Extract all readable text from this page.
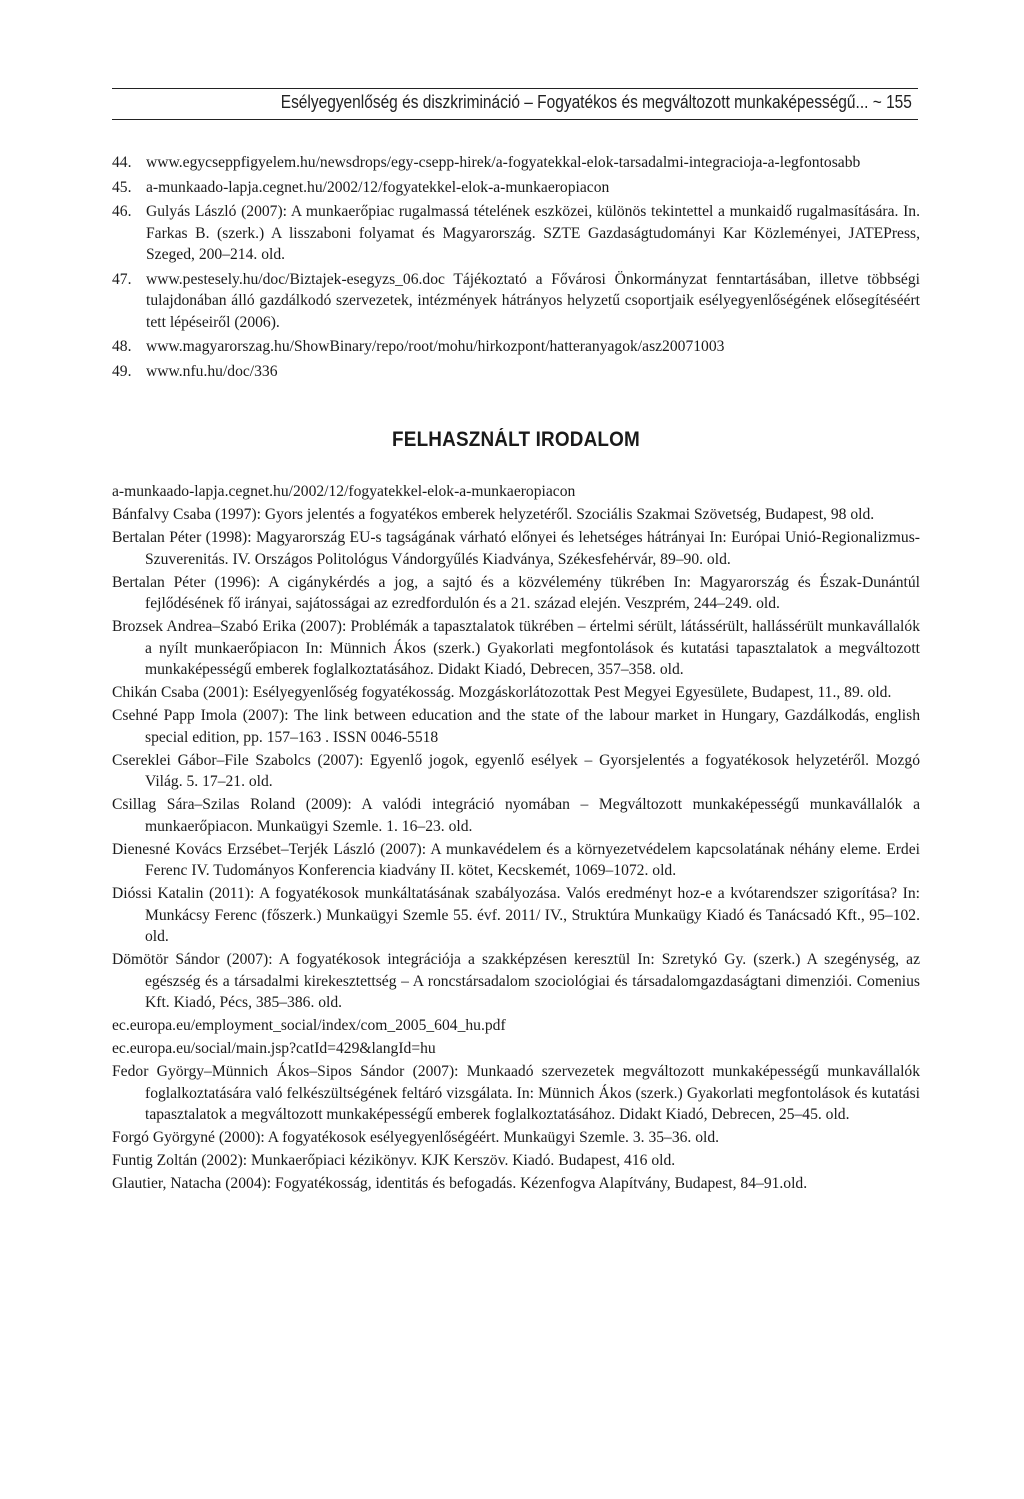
Esélyegyenlőség és diszkrimináció – Fogyatékos és megváltozott munkaképességű... ~ 155
44. www.egycseppfigyelem.hu/newsdrops/egy-csepp-hirek/a-fogyatekkal-elok-tarsadalmi-integracioja-a-legfontosabb
45. a-munkaado-lapja.cegnet.hu/2002/12/fogyatekkel-elok-a-munkaeropiacon
46. Gulyás László (2007): A munkaerőpiac rugalmassá tételének eszközei, különös tekintettel a munkaidő rugalmasítására. In. Farkas B. (szerk.) A lisszaboni folyamat és Magyarország. SZTE Gazdaságtudományi Kar Közleményei, JATEPress, Szeged, 200–214. old.
47. www.pestesely.hu/doc/Biztajek-esegyzs_06.doc Tájékoztató a Fővárosi Önkormányzat fenntartásában, illetve többségi tulajdonában álló gazdálkodó szervezetek, intézmények hátrányos helyzetű csoportjaik esélyegyenlőségének elősegítéséért tett lépéseiről (2006).
48. www.magyarorszag.hu/ShowBinary/repo/root/mohu/hirkozpont/hatteranyagok/asz20071003
49. www.nfu.hu/doc/336
FELHASZNÁLT IRODALOM
a-munkaado-lapja.cegnet.hu/2002/12/fogyatekkel-elok-a-munkaeropiacon
Bánfalvy Csaba (1997): Gyors jelentés a fogyatékos emberek helyzetéről. Szociális Szakmai Szövetség, Budapest, 98 old.
Bertalan Péter (1998): Magyarország EU-s tagságának várható előnyei és lehetséges hátrányai In: Európai Unió-Regionalizmus-Szuverenitás. IV. Országos Politológus Vándorgyűlés Kiadványa, Székesfehérvár, 89–90. old.
Bertalan Péter (1996): A cigánykérdés a jog, a sajtó és a közvélemény tükrében In: Magyarország és Észak-Dunántúl fejlődésének fő irányai, sajátosságai az ezredfordulón és a 21. század elején. Veszprém, 244–249. old.
Brozsek Andrea–Szabó Erika (2007): Problémák a tapasztalatok tükrében – értelmi sérült, látássérült, hallássérült munkavállalók a nyílt munkaerőpiacon In: Münnich Ákos (szerk.) Gyakorlati megfontolások és kutatási tapasztalatok a megváltozott munkaképességű emberek foglalkoztatásához. Didakt Kiadó, Debrecen, 357–358. old.
Chikán Csaba (2001): Esélyegyenlőség fogyatékosság. Mozgáskorlátozottak Pest Megyei Egyesülete, Budapest, 11., 89. old.
Csehné Papp Imola (2007): The link between education and the state of the labour market in Hungary, Gazdálkodás, english special edition, pp. 157–163 . ISSN 0046-5518
Csereklei Gábor–File Szabolcs (2007): Egyenlő jogok, egyenlő esélyek – Gyorsjelentés a fogyatékosok helyzetéről. Mozgó Világ. 5. 17–21. old.
Csillag Sára–Szilas Roland (2009): A valódi integráció nyomában – Megváltozott munkaképességű munkavállalók a munkaerőpiacon. Munkaügyi Szemle. 1. 16–23. old.
Dienesné Kovács Erzsébet–Terjék László (2007): A munkavédelem és a környezetvédelem kapcsolatának néhány eleme. Erdei Ferenc IV. Tudományos Konferencia kiadvány II. kötet, Kecskemét, 1069–1072. old.
Dióssi Katalin (2011): A fogyatékosok munkáltatásának szabályozása. Valós eredményt hoz-e a kvótarendszer szigorítása? In: Munkácsy Ferenc (főszerk.) Munkaügyi Szemle 55. évf. 2011/ IV., Struktúra Munkaügy Kiadó és Tanácsadó Kft., 95–102. old.
Dömötör Sándor (2007): A fogyatékosok integrációja a szakképzésen keresztül In: Szretykó Gy. (szerk.) A szegénység, az egészség és a társadalmi kirekesztettség – A roncstársadalom szociológiai és társadalomgazdaságtani dimenziói. Comenius Kft. Kiadó, Pécs, 385–386. old.
ec.europa.eu/employment_social/index/com_2005_604_hu.pdf
ec.europa.eu/social/main.jsp?catId=429&langId=hu
Fedor György–Münnich Ákos–Sipos Sándor (2007): Munkaadó szervezetek megváltozott munkaképességű munkavállalók foglalkoztatására való felkészültségének feltáró vizsgálata. In: Münnich Ákos (szerk.) Gyakorlati megfontolások és kutatási tapasztalatok a megváltozott munkaképességű emberek foglalkoztatásához. Didakt Kiadó, Debrecen, 25–45. old.
Forgó Györgyné (2000): A fogyatékosok esélyegyenlőségéért. Munkaügyi Szemle. 3. 35–36. old.
Funtig Zoltán (2002): Munkaerőpiaci kézikönyv. KJK Kerszöv. Kiadó. Budapest, 416 old.
Glautier, Natacha (2004): Fogyatékosság, identitás és befogadás. Kézenfogva Alapítvány, Budapest, 84–91.old.
